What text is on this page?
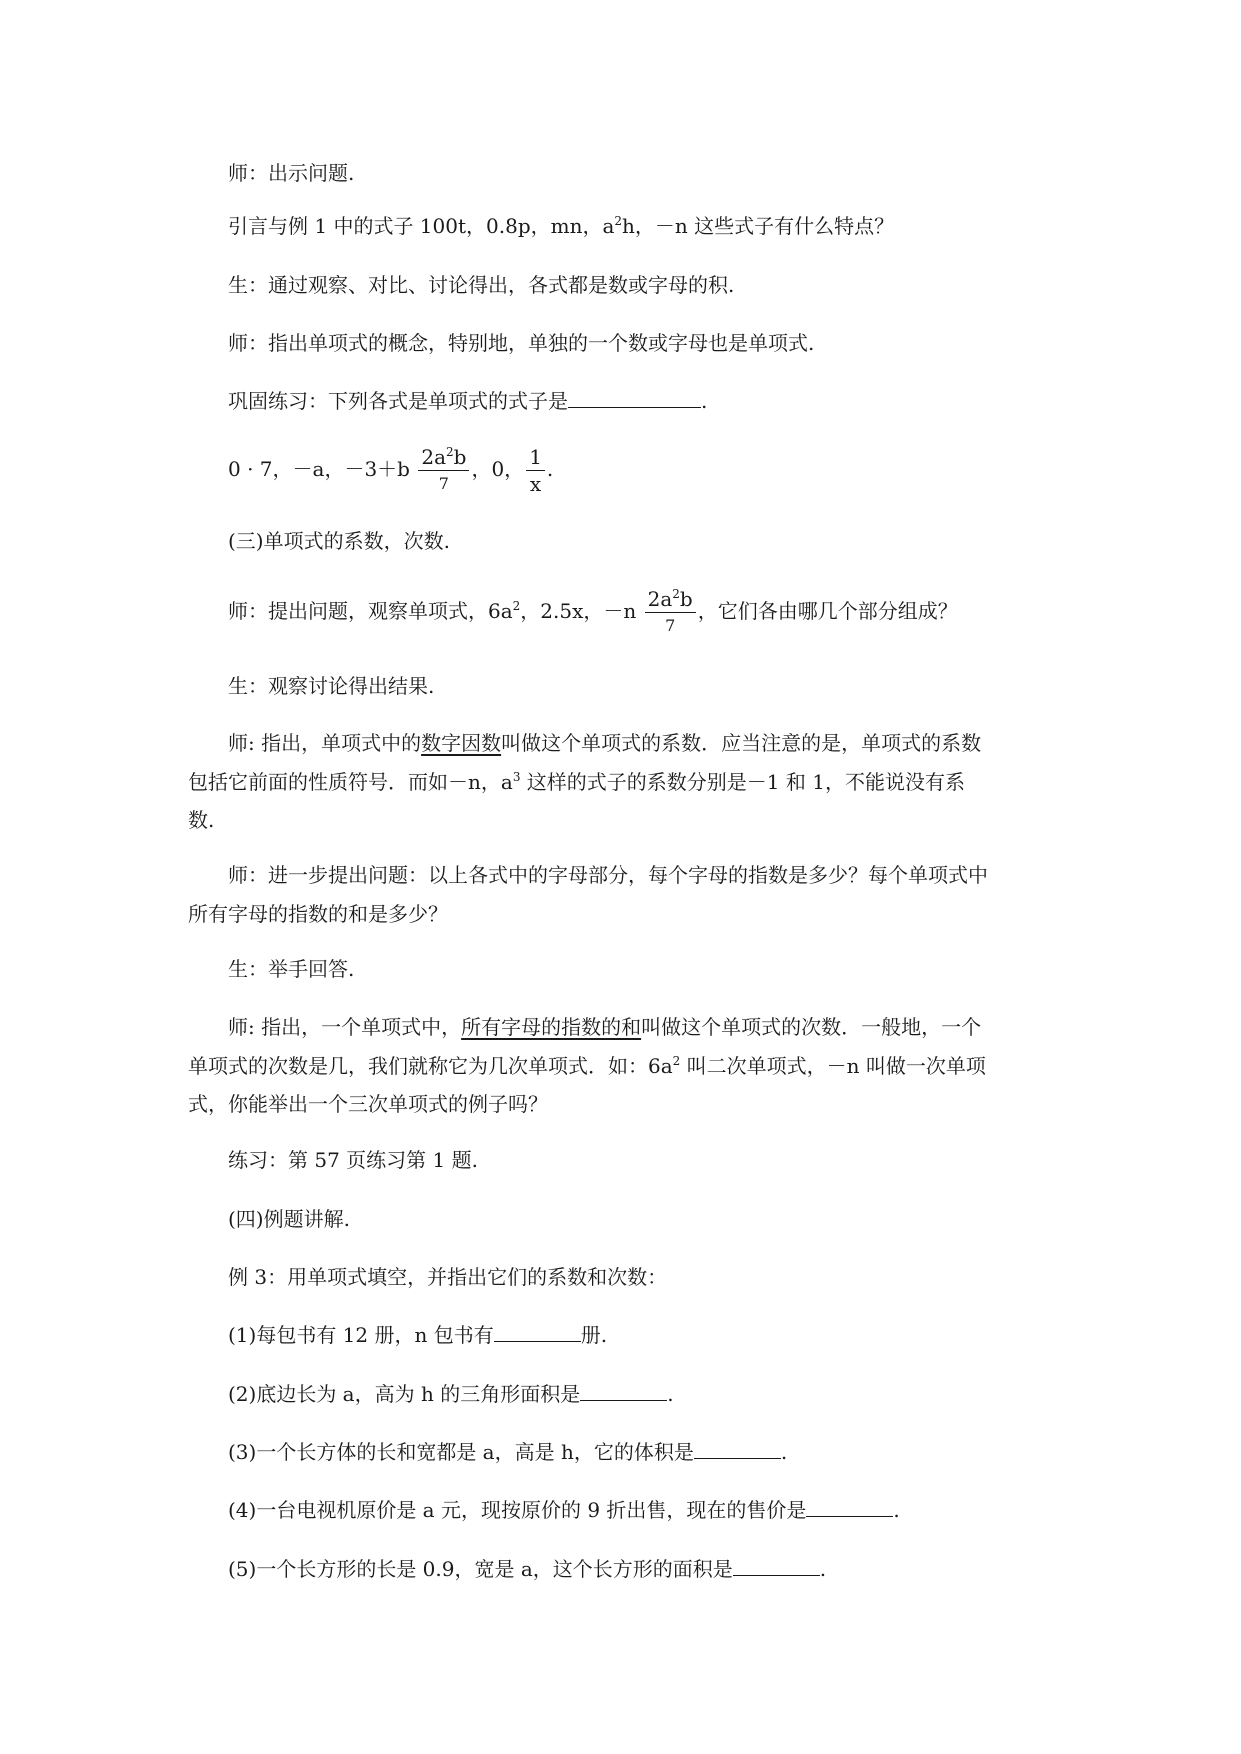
师：出示问题.
引言与例 1 中的式子 100t，0.8p，mn，$a^2h$，－n 这些式子有什么特点？
生：通过观察、对比、讨论得出，各式都是数或字母的积.
师：指出单项式的概念，特别地，单独的一个数或字母也是单项式.
巩固练习：下列各式是单项式的式子是	.
0 · 7，－a，$-3+b \frac{2a^2b}{7}$ ，0， $\frac{1}{x}$ .
(三)单项式的系数，次数.
师：提出问题，观察单项式，$6a^2$，2.5x，$-n \frac{2a^2b}{7}$ ，它们各由哪几个部分组成？
生：观察讨论得出结果.
师: 指出，单项式中的数字因数叫做这个单项式的系数．应当注意的是，单项式的系数
包括它前面的性质符号．而如－n，$a^3$ 这样的式子的系数分别是－1 和 1，不能说没有系
数.
师：进一步提出问题：以上各式中的字母部分，每个字母的指数是多少？每个单项式中
所有字母的指数的和是多少？
生：举手回答.
师: 指出，一个单项式中，所有字母的指数的和叫做这个单项式的次数．一般地，一个
单项式的次数是几，我们就称它为几次单项式．如：$6a^2$ 叫二次单项式，－n 叫做一次单项
式，你能举出一个三次单项式的例子吗？
练习：第 57 页练习第 1 题.
(四)例题讲解.
例 3：用单项式填空，并指出它们的系数和次数：
(1)每包书有 12 册，n 包书有	册.
(2)底边长为 a，高为 h 的三角形面积是	.
(3)一个长方体的长和宽都是 a，高是 h，它的体积是	.
(4)一台电视机原价是 a 元，现按原价的 9 折出售，现在的售价是	.
(5)一个长方形的长是 0.9，宽是 a，这个长方形的面积是	.
